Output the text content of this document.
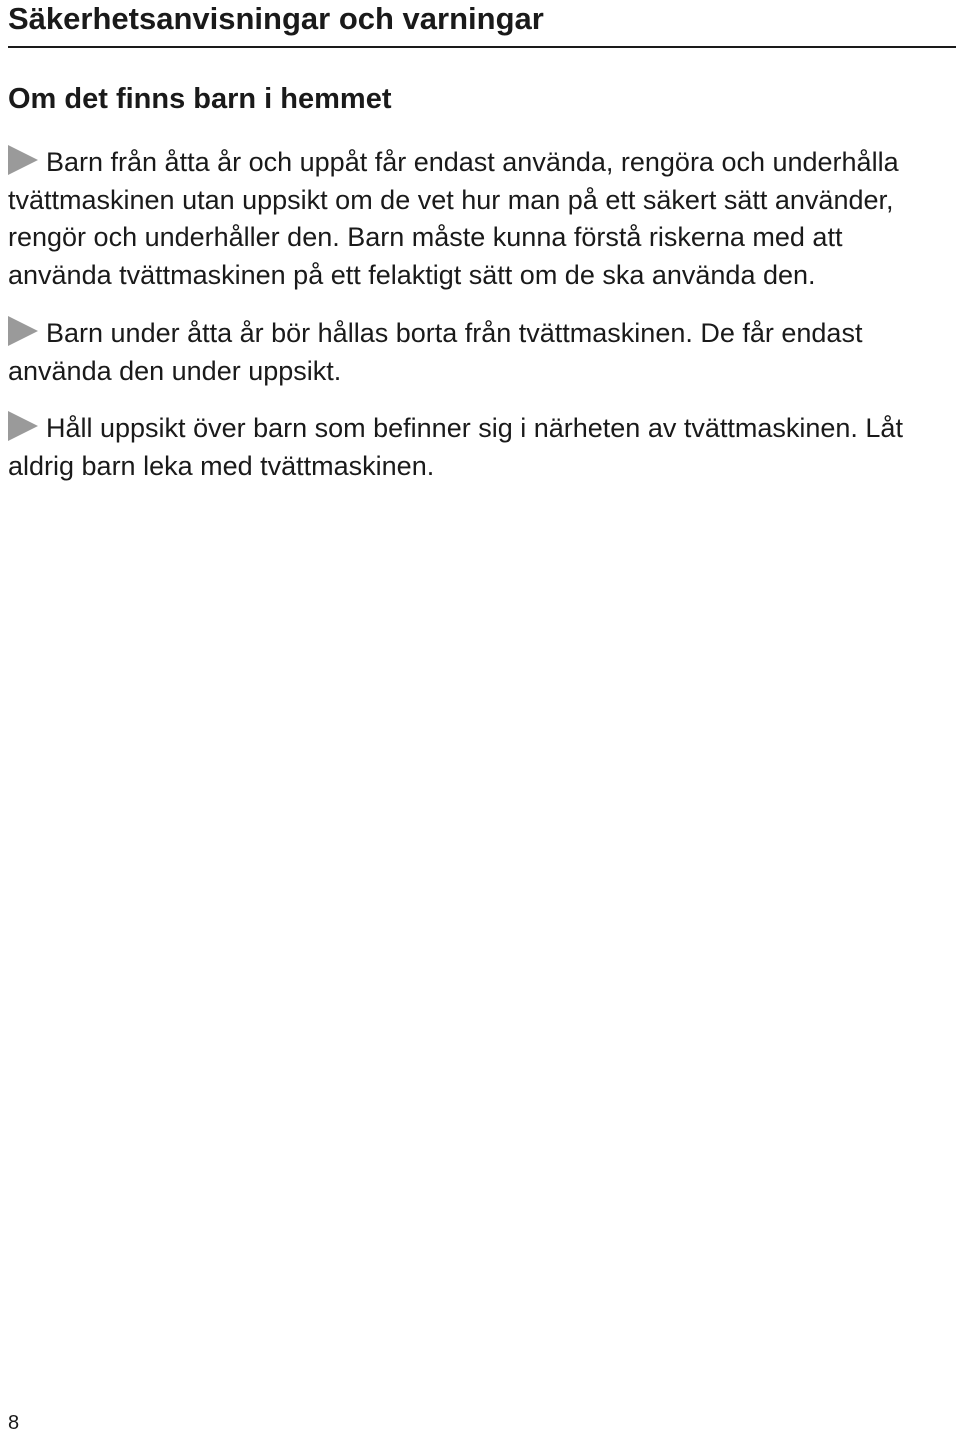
Säkerhetsanvisningar och varningar
Om det finns barn i hemmet
Barn från åtta år och uppåt får endast använda, rengöra och underhålla tvättmaskinen utan uppsikt om de vet hur man på ett säkert sätt använder, rengör och underhåller den. Barn måste kunna förstå riskerna med att använda tvättmaskinen på ett felaktigt sätt om de ska använda den.
Barn under åtta år bör hållas borta från tvättmaskinen. De får endast använda den under uppsikt.
Håll uppsikt över barn som befinner sig i närheten av tvättmaskinen. Låt aldrig barn leka med tvättmaskinen.
8
